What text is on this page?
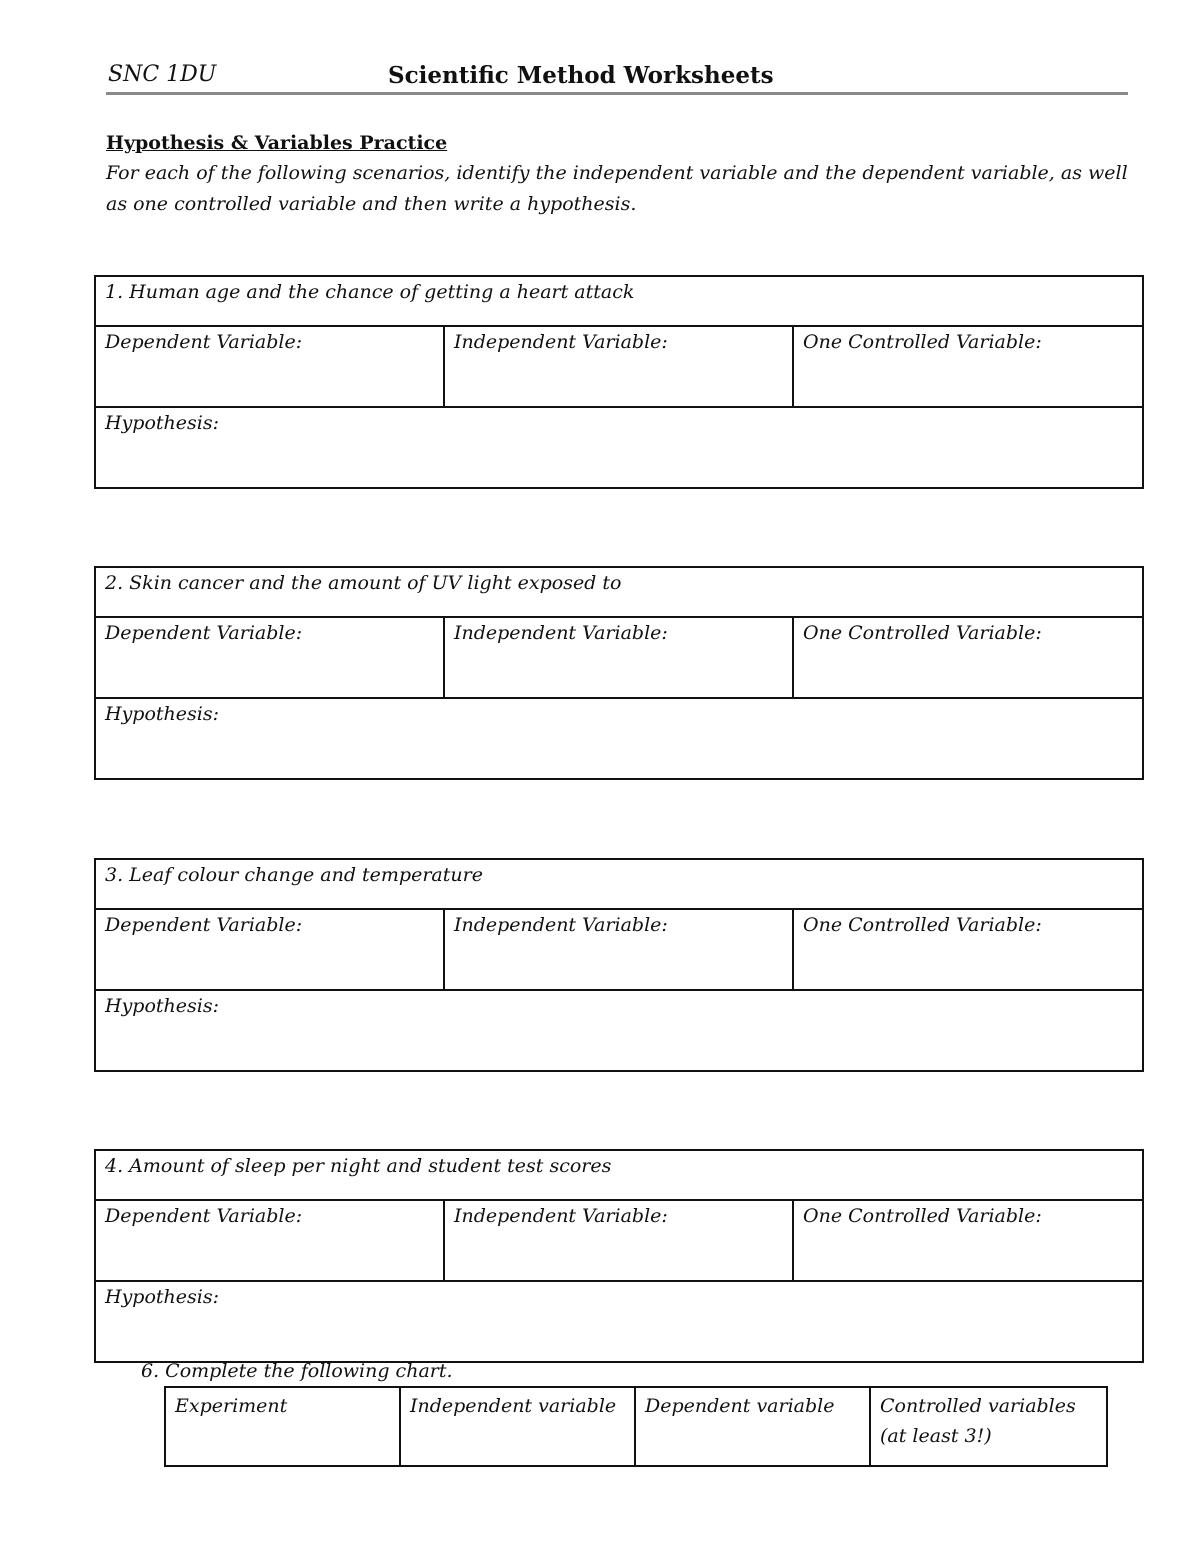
SNC 1DU	Scientific Method Worksheets
Hypothesis & Variables Practice
For each of the following scenarios, identify the independent variable and the dependent variable, as well as one controlled variable and then write a hypothesis.
1. Human age and the chance of getting a heart attack
Dependent Variable:	Independent Variable:	One Controlled Variable:
Hypothesis:
2. Skin cancer and the amount of UV light exposed to
Dependent Variable:	Independent Variable:	One Controlled Variable:
Hypothesis:
3. Leaf colour change and temperature
Dependent Variable:	Independent Variable:	One Controlled Variable:
Hypothesis:
4. Amount of sleep per night and student test scores
Dependent Variable:	Independent Variable:	One Controlled Variable:
Hypothesis:
6. Complete the following chart.
Experiment	Independent variable	Dependent variable	Controlled variables (at least 3!)
